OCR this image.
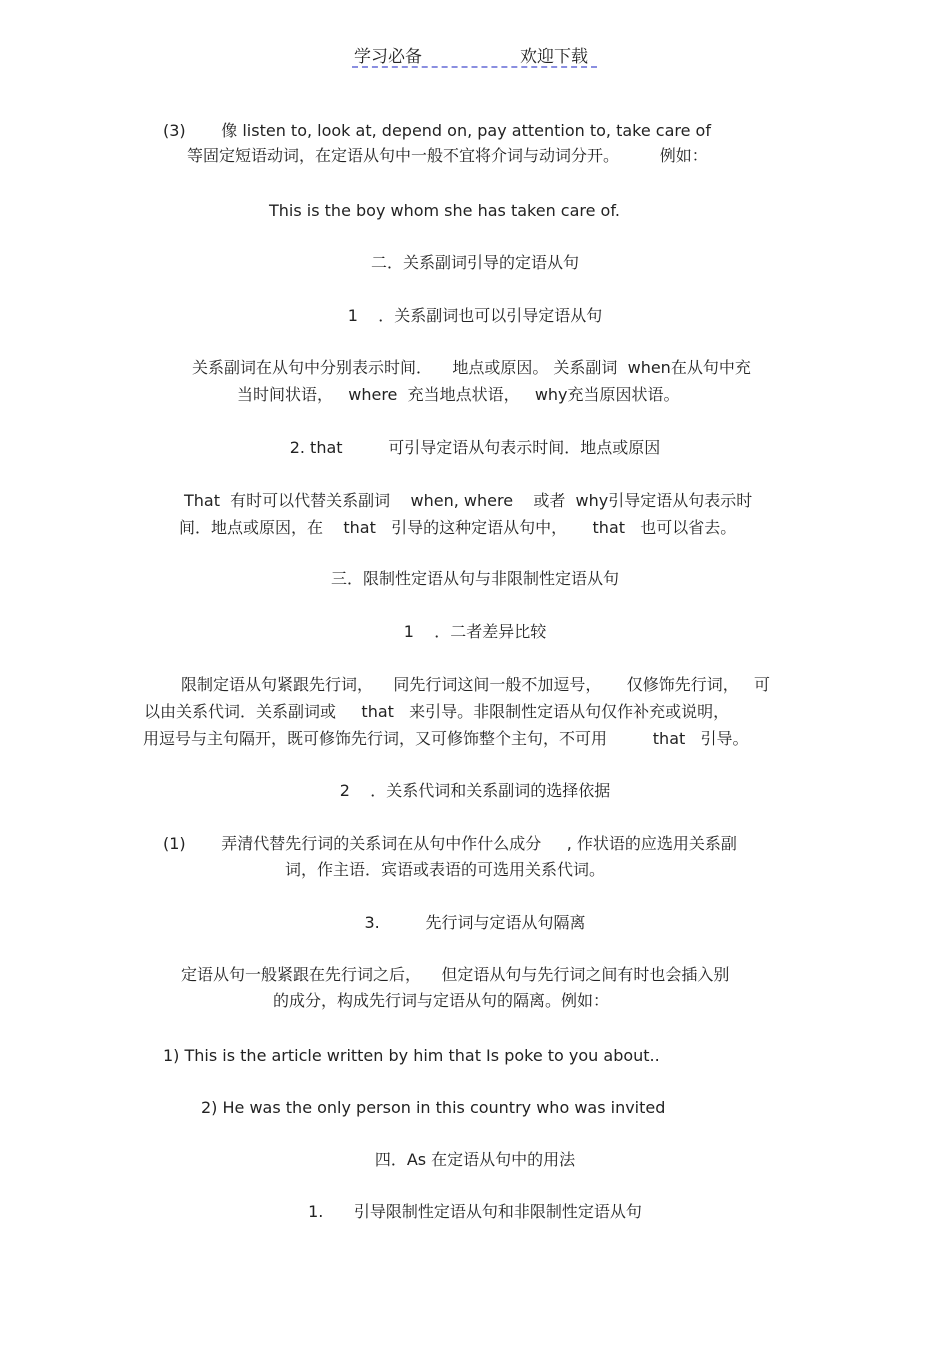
学习必备	欢迎下载
(3)       像 listen to, look at, depend on, pay attention to, take care of
等固定短语动词，在定语从句中一般不宜将介词与动词分开。        例如：
This is the boy whom she has taken care of.
二．关系副词引导的定语从句
1    ．关系副词也可以引导定语从句
关系副词在从句中分别表示时间．    地点或原因。 关系副词  when在从句中充
当时间状语，   where  充当地点状语，   why充当原因状语。
2. that         可引导定语从句表示时间．地点或原因
That  有时可以代替关系副词    when, where    或者  why引导定语从句表示时
间．地点或原因，在    that   引导的这种定语从句中，     that   也可以省去。
三．限制性定语从句与非限制性定语从句
1    ．二者差异比较
限制定语从句紧跟先行词，    同先行词这间一般不加逗号，     仅修饰先行词，   可
以由关系代词．关系副词或     that   来引导。非限制性定语从句仅作补充或说明，
用逗号与主句隔开，既可修饰先行词，又可修饰整个主句，不可用         that   引导。
2    ．关系代词和关系副词的选择依据
(1)       弄清代替先行词的关系词在从句中作什么成分     , 作状语的应选用关系副
词，作主语．宾语或表语的可选用关系代词。
3.         先行词与定语从句隔离
定语从句一般紧跟在先行词之后，    但定语从句与先行词之间有时也会插入别
的成分，构成先行词与定语从句的隔离。例如：
1) This is the article written by him that Is poke to you about..
2) He was the only person in this country who was invited
四．As 在定语从句中的用法
1.      引导限制性定语从句和非限制性定语从句
